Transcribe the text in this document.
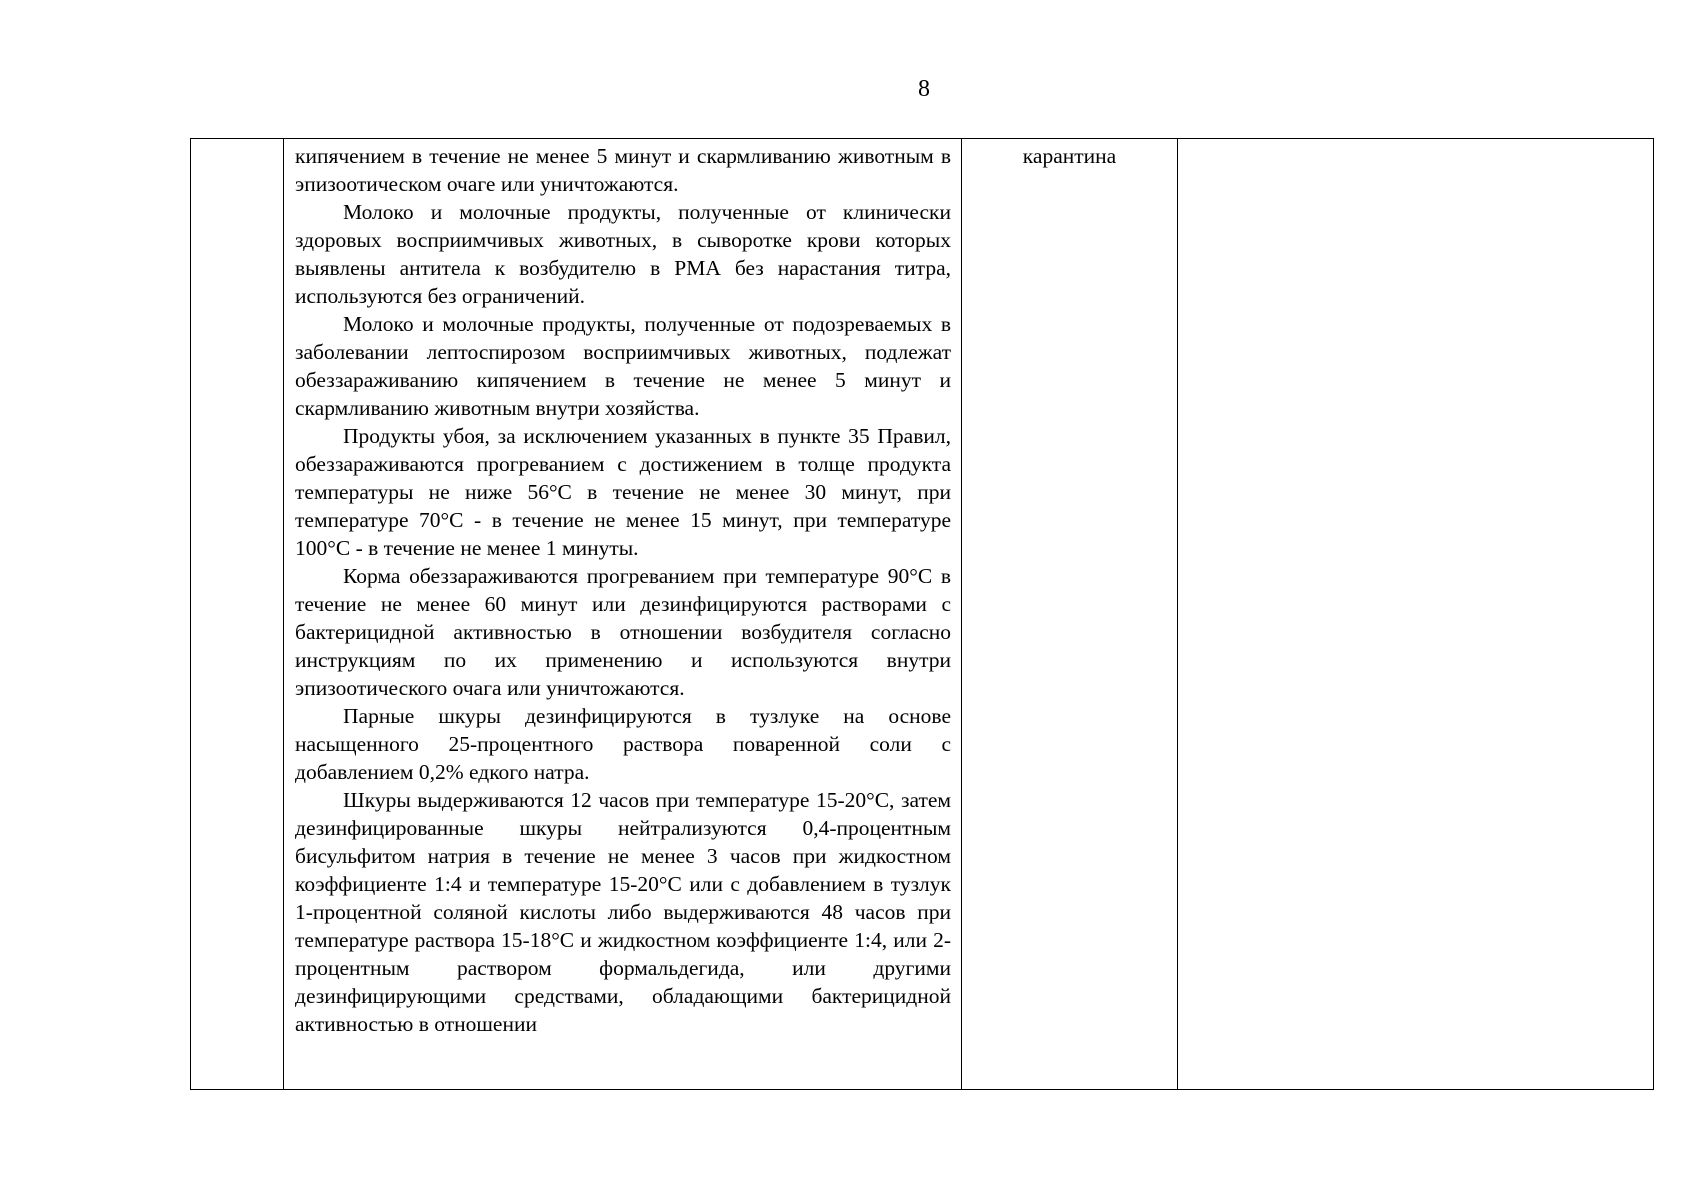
8

кипячением в течение не менее 5 минут и скармливанию животным в эпизоотическом очаге или уничтожаются.

Молоко и молочные продукты, полученные от клинически здоровых восприимчивых животных, в сыворотке крови которых выявлены антитела к возбудителю в РМА без нарастания титра, используются без ограничений.

Молоко и молочные продукты, полученные от подозреваемых в заболевании лептоспирозом восприимчивых животных, подлежат обеззараживанию кипячением в течение не менее 5 минут и скармливанию животным внутри хозяйства.

Продукты убоя, за исключением указанных в пункте 35 Правил, обеззараживаются прогреванием с достижением в толще продукта температуры не ниже 56°С в течение не менее 30 минут, при температуре 70°С - в течение не менее 15 минут, при температуре 100°С - в течение не менее 1 минуты.

Корма обеззараживаются прогреванием при температуре 90°С в течение не менее 60 минут или дезинфицируются растворами с бактерицидной активностью в отношении возбудителя согласно инструкциям по их применению и используются внутри эпизоотического очага или уничтожаются.

Парные шкуры дезинфицируются в тузлуке на основе насыщенного 25-процентного раствора поваренной соли с добавлением 0,2% едкого натра.

Шкуры выдерживаются 12 часов при температуре 15-20°С, затем дезинфицированные шкуры нейтрализуются 0,4-процентным бисульфитом натрия в течение не менее 3 часов при жидкостном коэффициенте 1:4 и температуре 15-20°С или с добавлением в тузлук 1-процентной соляной кислоты либо выдерживаются 48 часов при температуре раствора 15-18°С и жидкостном коэффициенте 1:4, или 2-процентным раствором формальдегида, или другими дезинфицирующими средствами, обладающими бактерицидной активностью в отношении

	карантина	
